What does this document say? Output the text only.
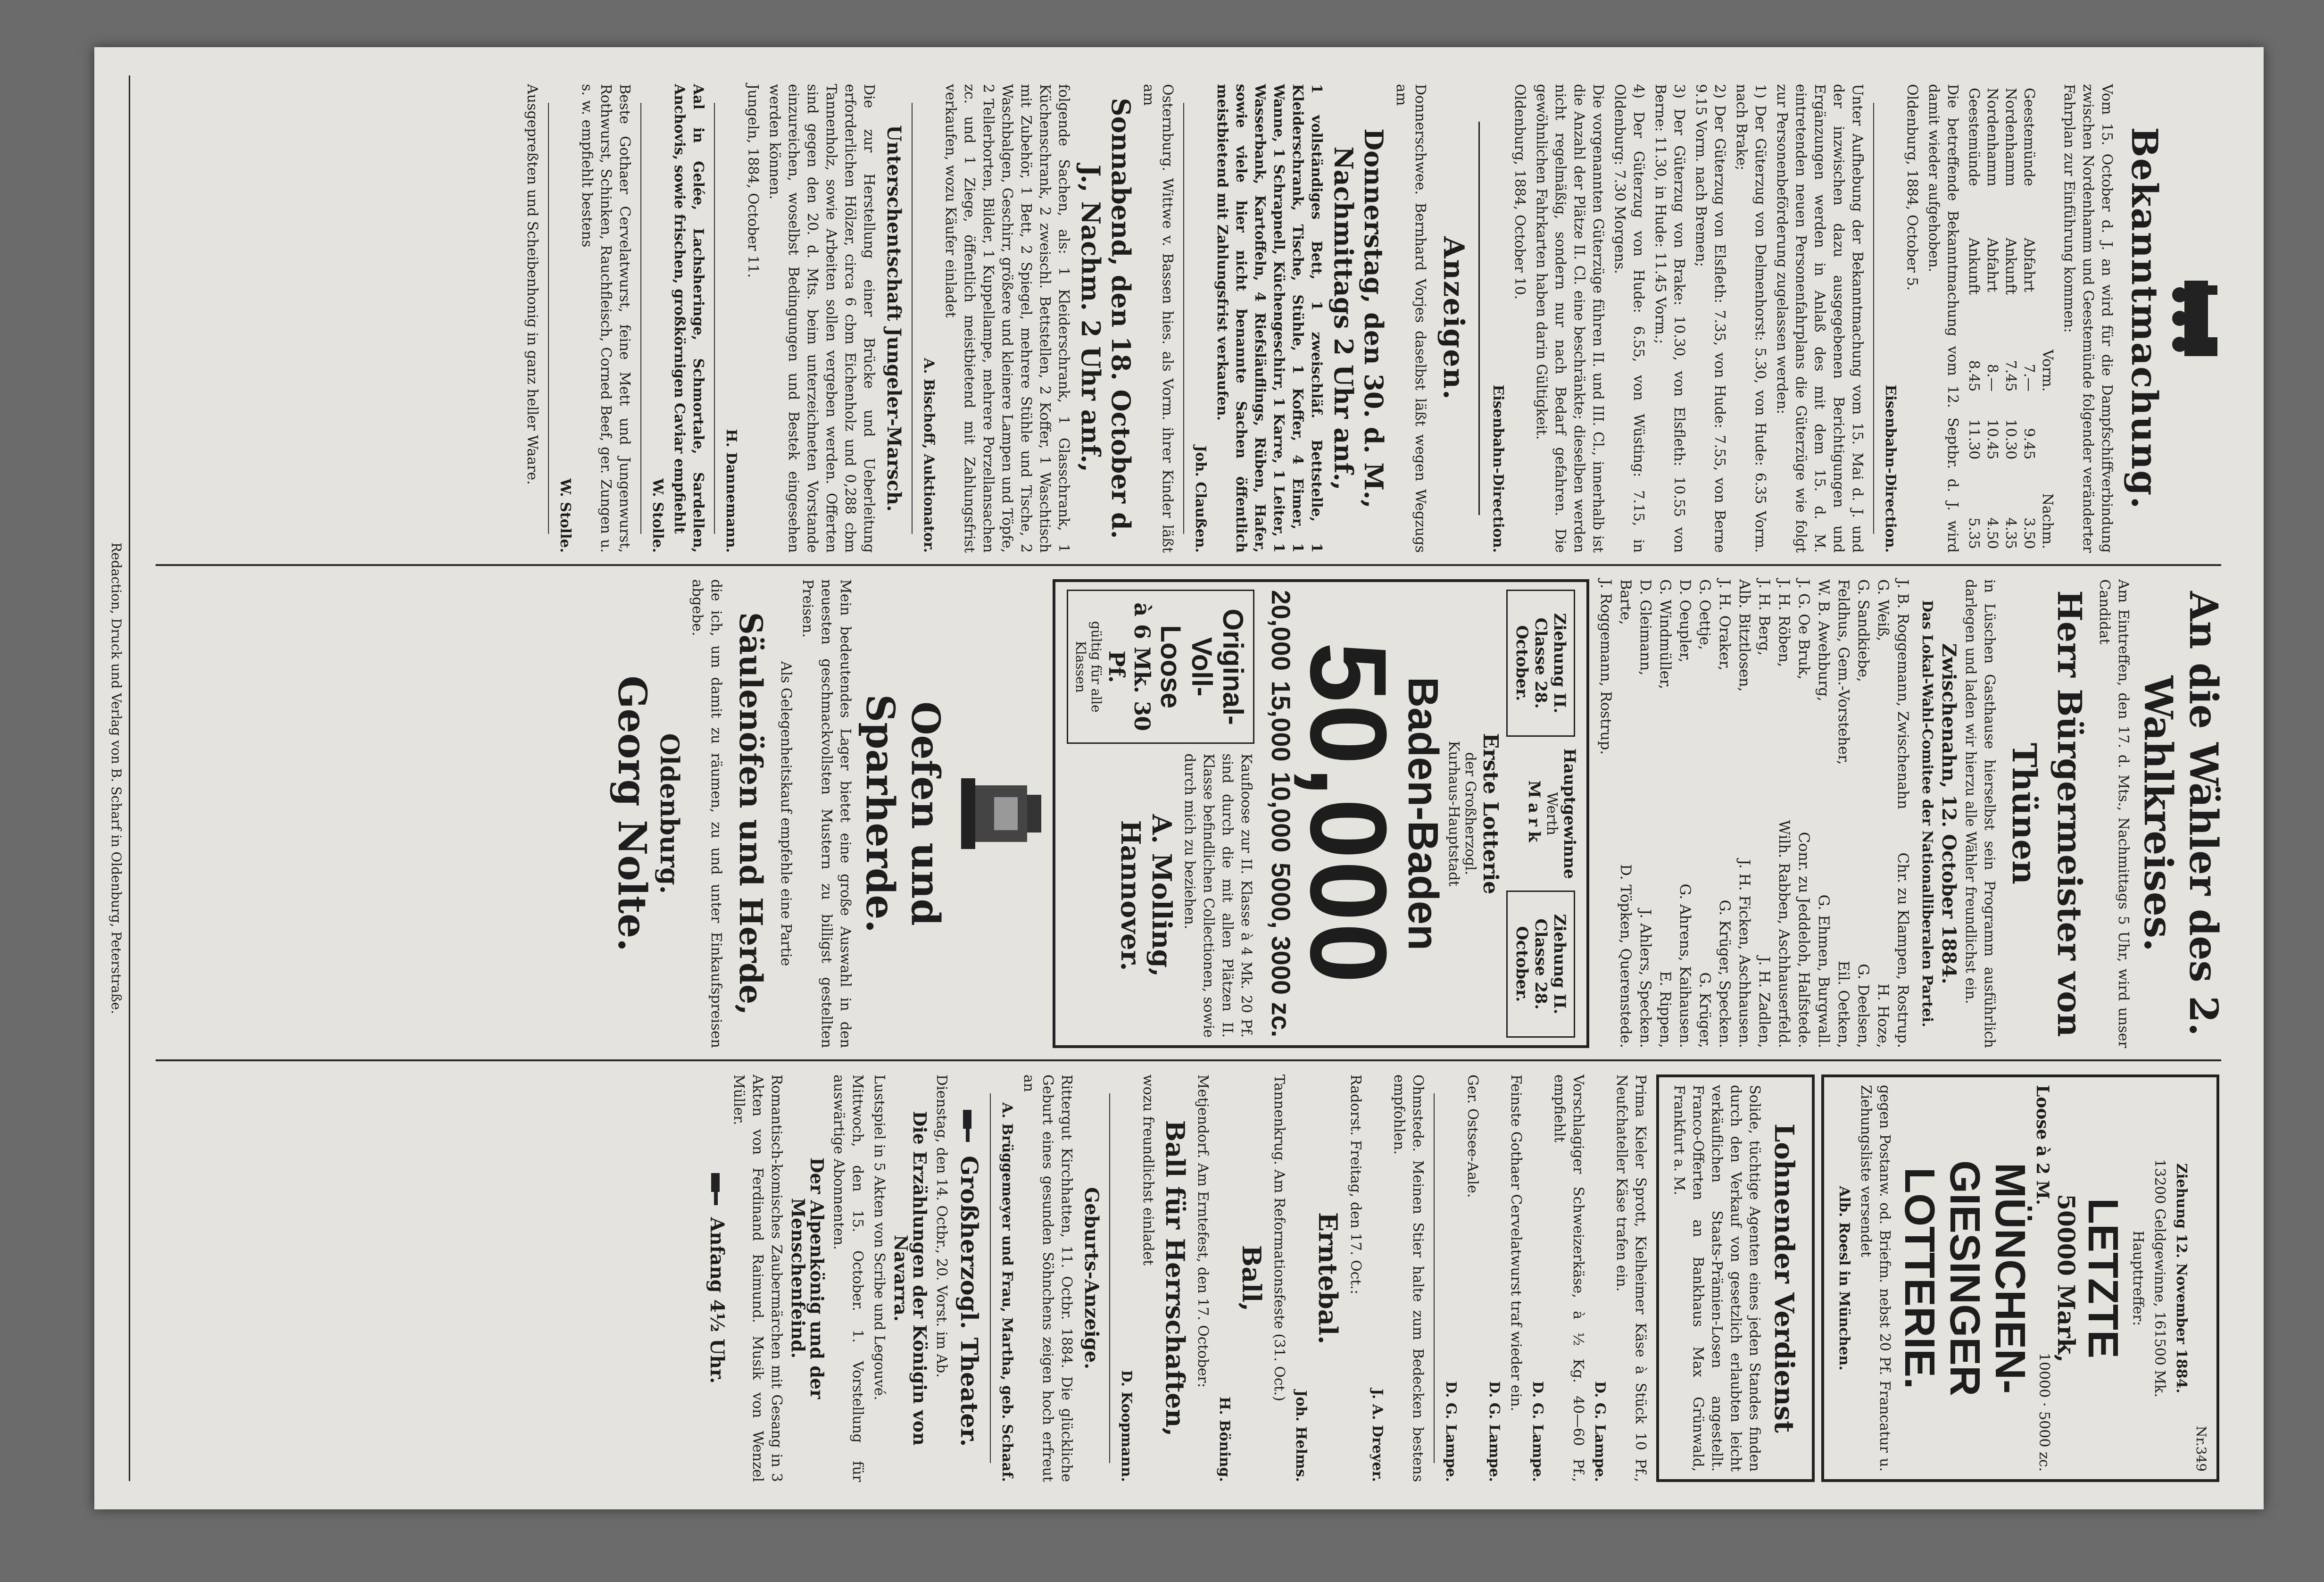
Bekanntmachung.

Vom 15. October d. J. an wird für die Dampfschiffverbindung zwischen Nordenhamm und Geestemünde folgender veränderter Fahrplan zur Einführung kommen:

		Vorm.		Nachm.
Geestemünde	Abfahrt	7.—	9.45	3.50
Nordenhamm	Ankunft	7.45	10.30	4.35
Nordenhamm	Abfahrt	8.—	10.45	4.50
Geestemünde	Ankunft	8.45	11.30	5.35

Die betreffende Bekanntmachung vom 12. Septbr. d. J. wird damit wieder aufgehoben.

Oldenburg, 1884, October 5.

Eisenbahn-Direction.

Unter Aufhebung der Bekanntmachung vom 15. Mai d. J. und der inzwischen dazu ausgegebenen Berichtigungen und Ergänzungen werden in Anlaß des mit dem 15. d. M. eintretenden neuen Personenfahrplans die Güterzüge wie folgt zur Personenbeförderung zugelassen werden:

1) Der Güterzug von Delmenhorst: 5.30, von Hude: 6.35 Vorm. nach Brake;

2) Der Güterzug von Elsfleth: 7.35, von Hude: 7.55, von Berne 9.15 Vorm. nach Bremen;

3) Der Güterzug von Brake: 10.30, von Elsfleth: 10.55 von Berne: 11.30, in Hude: 11.45 Vorm.;

4) Der Güterzug von Hude: 6.55, von Wüsting: 7.15, in Oldenburg: 7.30 Morgens.

Die vorgenannten Güterzüge führen II. und III. Cl., innerhalb ist die Anzahl der Plätze II. Cl. eine beschränkte; dieselben werden nicht regelmäßig, sondern nur nach Bedarf gefahren. Die gewöhnlichen Fahrkarten haben darin Gültigkeit.

Oldenburg, 1884, October 10.

Eisenbahn-Direction.

Anzeigen.

Donnerschwee. Bernhard Vorjes daselbst läßt wegen Wegzugs am

Donnerstag, den 30. d. M., Nachmittags 2 Uhr anf.,

1 vollständiges Bett, 1 zweischläf. Bettstelle, 1 Kleiderschrank, Tische, Stühle, 1 Koffer, 4 Eimer, 1 Wanne, 1 Schrapnell, Küchengeschirr, 1 Karre, 1 Leiter, 1 Wasserbank, Kartoffeln, 4 Riefsläuflings, Rüben, Hafer, sowie viele hier nicht benannte Sachen öffentlich meistbietend mit Zahlungsfrist verkaufen.

Joh. Claußen.

Osternburg. Wittwe v. Bassen hies. als Vorm. ihrer Kinder läßt am

Sonnabend, den 18. October d. J., Nachm. 2 Uhr anf.,

folgende Sachen, als: 1 Kleiderschrank, 1 Glasschrank, 1 Küchenschrank, 2 zweischl. Bettstellen, 2 Koffer, 1 Waschtisch mit Zubehör, 1 Bett, 2 Spiegel, mehrere Stühle und Tische, 2 Waschbalgen, Geschirr, größere und kleinere Lampen und Töpfe, 2 Tellerborten, Bilder, 1 Kuppellampe, mehrere Porzellansachen zc. und 1 Ziege, öffentlich meistbietend mit Zahlungsfrist verkaufen, wozu Käufer einladet

A. Bischoff, Auktionator.

Unterschentschaft Jungeler-Marsch.

Die zur Herstellung einer Brücke und Ueberleitung erforderlichen Hölzer, circa 6 cbm Eichenholz und 0,288 cbm Tannenholz, sowie Arbeiten sollen vergeben werden. Offerten sind gegen den 20. d. Mts. beim unterzeichneten Vorstande einzureichen, woselbst Bedingungen und Bestek eingesehen werden können.

Jungeln, 1884, October 11.

H. Dannemann.

Aal in Gelée, Lachsheringe, Schmortale, Sardellen, Anchovis, sowie frischen, großkörnigen Caviar empfiehlt

W. Stolle.

Beste Gothaer Cervelatwurst, feine Mett und Jungenwurst, Rothwurst, Schinken, Rauchfleisch, Corned Beef, ger. Zungen u. s. w. empfiehlt bestens

W. Stolle.

Ausgepreßten und Scheibenhonig in ganz heller Waare.

An die Wähler des 2. Wahlkreises.

Am Eintreffen, den 17. d. Mts., Nachmittags 5 Uhr, wird unser Candidat

Herr Bürgermeister von Thünen

in Lüschen Gasthause hierselbst sein Programm ausführlich darlegen und laden wir hierzu alle Wähler freundlichst ein.

Zwischenahn, 12. October 1884.

Das Lokal-Wahl-Comitee der Nationalliberalen Partei.

J. B. Roggemann, Zwischenahn
Chr. zu Klampen, Rostrup.
G. Weiß,
H. Hoze,
G. Sandkiebe,
G. Deelsen,
Feldhus, Gem.-Vorsteher,
Eil. Oetken,
W. B. Awehburg,
G. Ehmen, Burgwall.
J. G. Oe Bruk,
Conr. zu Jeddeloh, Halfstede.
J. H. Röben,
Wilh. Rabben, Aschhauserfeld.
J. H. Berg,
J. H. Zadlen,
Alb. Bitztlosen,
J. H. Ficken, Aschhausen.
J. H. Oraker,
G. Krüger, Specken.
G. Oettje,
G. Krüger,
D. Oeupler,
G. Ahrens, Kaihausen.
G. Windmüller,
E. Rippen,
D. Gleimann,
J. Ahlers, Specken.
Barte,
D. Töpken, Querenstede.
J. Roggemann, Rostrup.
Ziehung II. Classe 28. October.
Hauptgewinne
Werth
Mark
Ziehung II. Classe 28. October.
Erste Lotterie
der Großherzogl.
Kurhaus-Hauptstadt
Baden-Baden
50,000
20,000
15,000
10,000
5000, 3000 zc.
Original-Voll-Loose
à 6 Mk. 30 Pf.
gültig für alle Klassen

Kaufloose zur II. Klasse à 4 Mk. 20 Pf. sind durch die mit allen Plätzen II. Klasse befindlichen Collectionen, sowie durch mich zu beziehen.

A. Molling, Hannover.
Oefen und Sparherde.

Mein bedeutendes Lager bietet eine große Auswahl in den neuesten geschmackvollsten Mustern zu billigst gestellten Preisen.

Als Gelegenheitskauf empfehle eine Partie

Säulenöfen und Herde,

die ich, um damit zu räumen, zu und unter Einkaufspreisen abgebe.

Oldenburg.
Georg Nolte.
Nr.349

Ziehung 12. November 1884.

13200 Geldgewinne, 161500 Mk.

Haupttreffer:

LETZTE
50000 Mark,
Loose à 2 M.
10000 · 5000 zc.
MÜNCHEN-
GIESINGER
LOTTERIE.

gegen Postanw. od. Briefm. nebst 20 Pf. Francatur u. Ziehungsliste versendet

Alb. Roesl in München.

Lohnender Verdienst

Solide, tüchtige Agenten eines jeden Standes finden durch den Verkauf von gesetzlich erlaubten leicht verkäuflichen Staats-Prämien-Losen angestellt. Franco-Offerten an Bankhaus Max Grünwald, Frankfurt a. M.

Prima Kieler Sprott, Kielheimer Käse à Stück 10 Pf., Neufchateller Käse trafen ein.

D. G. Lampe.

Vorschlagiger Schweizerkäse, à ½ Kg. 40—60 Pf., empfiehlt

D. G. Lampe.

Feinste Gothaer Cervelatwurst traf wieder ein.

D. G. Lampe.

Ger. Ostsee-Aale.

D. G. Lampe.

Ohmstede. Meinen Stier halte zum Bedecken bestens empfohlen.

J. A. Dreyer.

Radorst. Freitag, den 17. Oct.:

Erntebal.

Joh. Helms.

Tannenkrug. Am Reformationsfeste (31. Oct.)

Ball,

H. Böning.

Metjendorf. Am Erntefest, den 17. October:

Ball für Herrschaften,

wozu freundlichst einladet

D. Koopmann.

Geburts-Anzeige.

Rittergut Kirchhatten, 11. Octbr. 1884. Die glückliche Geburt eines gesunden Söhnchens zeigen hoch erfreut an

A. Brüggemeyer und Frau, Martha, geb. Schaaf.

Großherzogl. Theater.

Dienstag, den 14. Octbr., 20. Vorst. im Ab.

Die Erzählungen der Königin von Navarra.

Lustspiel in 5 Akten von Scribe und Legouvé.

Mittwoch, den 15. October. 1. Vorstellung für auswärtige Abonnenten.

Der Alpenkönig und der Menschenfeind.

Romantisch-komisches Zaubermärchen mit Gesang in 3 Akten von Ferdinand Raimund. Musik von Wenzel Müller.

Anfang 4½ Uhr.

Redaction, Druck und Verlag von B. Scharf in Oldenburg, Peterstraße.
